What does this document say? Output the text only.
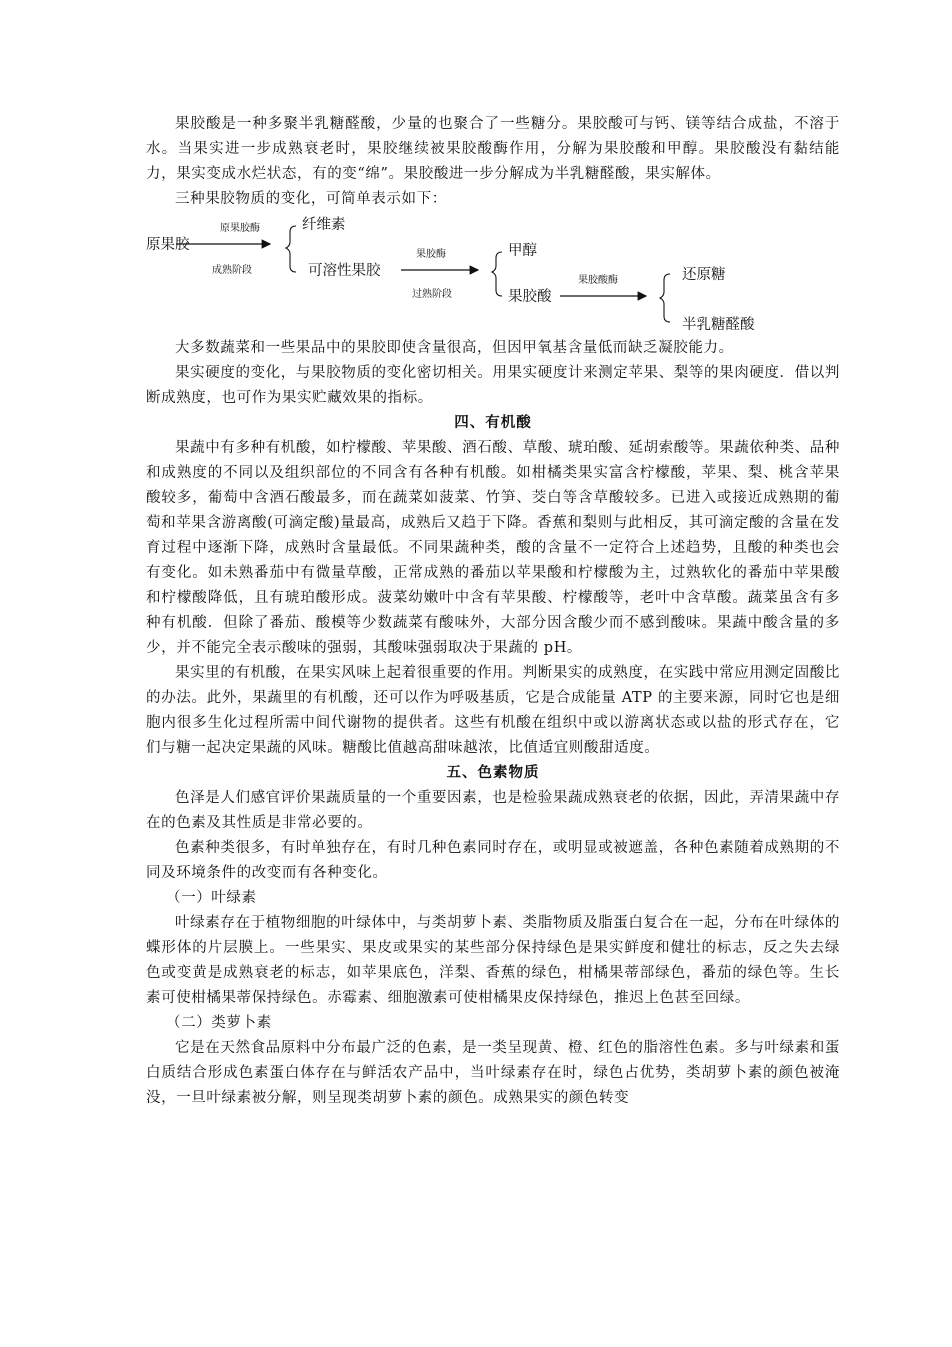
果胶酸是一种多聚半乳糖醛酸，少量的也聚合了一些糖分。果胶酸可与钙、镁等结合成盐，不溶于水。当果实进一步成熟衰老时，果胶继续被果胶酸酶作用，分解为果胶酸和甲醇。果胶酸没有黏结能力，果实变成水烂状态，有的变“绵”。果胶酸进一步分解成为半乳糖醛酸，果实解体。

三种果胶物质的变化，可简单表示如下：

原果胶
原果胶酶
成熟阶段
纤维素
可溶性果胶
果胶酶
过熟阶段
甲醇
果胶酸
果胶酸酶	还原糖
半乳糖醛酸

大多数蔬菜和一些果品中的果胶即使含量很高，但因甲氧基含量低而缺乏凝胶能力。

果实硬度的变化，与果胶物质的变化密切相关。用果实硬度计来测定苹果、梨等的果肉硬度．借以判断成熟度，也可作为果实贮藏效果的指标。

四、有机酸

果蔬中有多种有机酸，如柠檬酸、苹果酸、酒石酸、草酸、琥珀酸、延胡索酸等。果蔬依种类、品种和成熟度的不同以及组织部位的不同含有各种有机酸。如柑橘类果实富含柠檬酸，苹果、梨、桃含苹果酸较多，葡萄中含酒石酸最多，而在蔬菜如菠菜、竹笋、茭白等含草酸较多。已进入或接近成熟期的葡萄和苹果含游离酸(可滴定酸)量最高，成熟后又趋于下降。香蕉和梨则与此相反，其可滴定酸的含量在发育过程中逐渐下降，成熟时含量最低。不同果蔬种类，酸的含量不一定符合上述趋势，且酸的种类也会有变化。如未熟番茄中有微量草酸，正常成熟的番茄以苹果酸和柠檬酸为主，过熟软化的番茄中苹果酸和柠檬酸降低，且有琥珀酸形成。菠菜幼嫩叶中含有苹果酸、柠檬酸等，老叶中含草酸。蔬菜虽含有多种有机酸．但除了番茄、酸模等少数蔬菜有酸味外，大部分因含酸少而不感到酸味。果蔬中酸含量的多少，并不能完全表示酸味的强弱，其酸味强弱取决于果蔬的 pH。

果实里的有机酸，在果实风味上起着很重要的作用。判断果实的成熟度，在实践中常应用测定固酸比的办法。此外，果蔬里的有机酸，还可以作为呼吸基质，它是合成能量 ATP 的主要来源，同时它也是细胞内很多生化过程所需中间代谢物的提供者。这些有机酸在组织中或以游离状态或以盐的形式存在，它们与糖一起决定果蔬的风味。糖酸比值越高甜味越浓，比值适宜则酸甜适度。

五、色素物质

色泽是人们感官评价果蔬质量的一个重要因素，也是检验果蔬成熟衰老的依据，因此，弄清果蔬中存在的色素及其性质是非常必要的。

色素种类很多，有时单独存在，有时几种色素同时存在，或明显或被遮盖，各种色素随着成熟期的不同及环境条件的改变而有各种变化。

（一）叶绿素

叶绿素存在于植物细胞的叶绿体中，与类胡萝卜素、类脂物质及脂蛋白复合在一起，分布在叶绿体的蝶形体的片层膜上。一些果实、果皮或果实的某些部分保持绿色是果实鲜度和健壮的标志，反之失去绿色或变黄是成熟衰老的标志，如苹果底色，洋梨、香蕉的绿色，柑橘果蒂部绿色，番茄的绿色等。生长素可使柑橘果蒂保持绿色。赤霉素、细胞激素可使柑橘果皮保持绿色，推迟上色甚至回绿。

（二）类萝卜素

它是在天然食品原料中分布最广泛的色素，是一类呈现黄、橙、红色的脂溶性色素。多与叶绿素和蛋白质结合形成色素蛋白体存在与鲜活农产品中，当叶绿素存在时，绿色占优势，类胡萝卜素的颜色被淹没，一旦叶绿素被分解，则呈现类胡萝卜素的颜色。成熟果实的颜色转变
